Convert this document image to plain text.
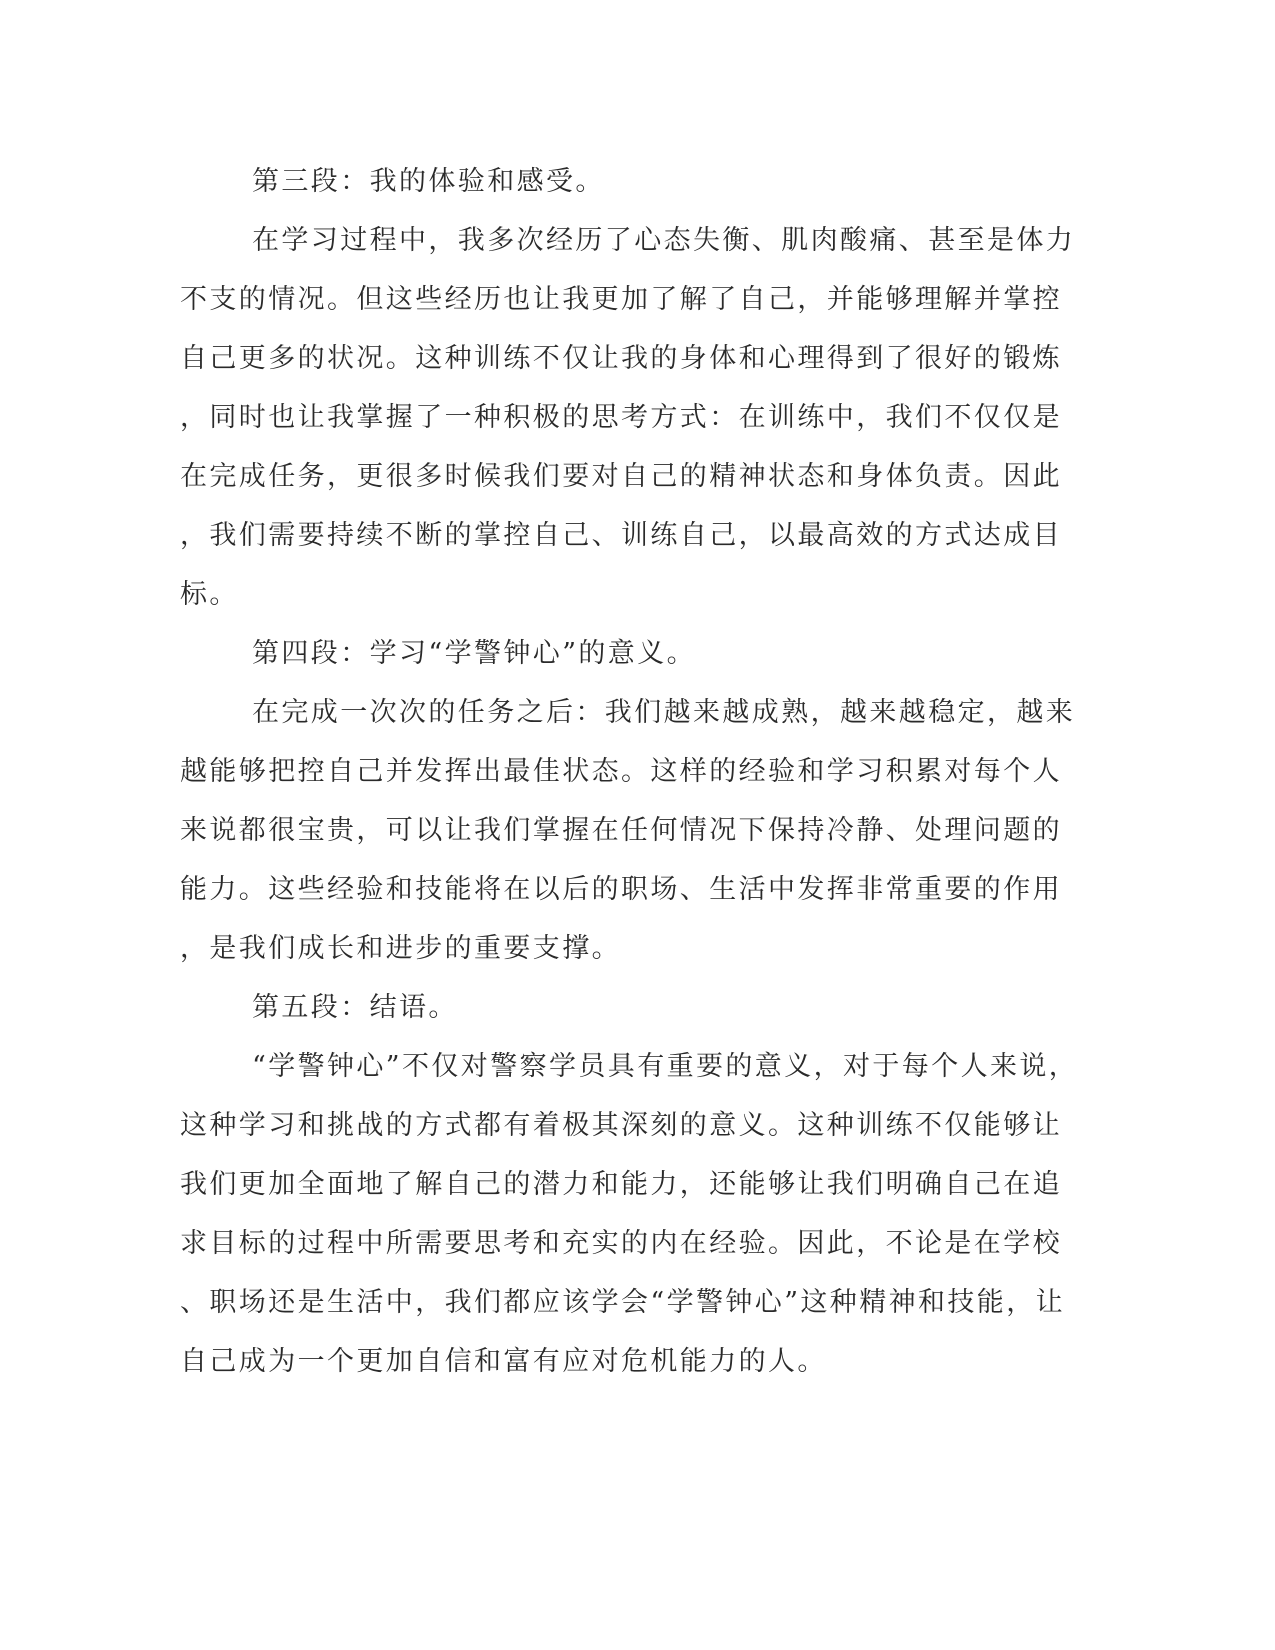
第三段：我的体验和感受。
在学习过程中，我多次经历了心态失衡、肌肉酸痛、甚至是体力
不支的情况。但这些经历也让我更加了解了自己，并能够理解并掌控
自己更多的状况。这种训练不仅让我的身体和心理得到了很好的锻炼
，同时也让我掌握了一种积极的思考方式：在训练中，我们不仅仅是
在完成任务，更很多时候我们要对自己的精神状态和身体负责。因此
，我们需要持续不断的掌控自己、训练自己，以最高效的方式达成目
标。
第四段：学习“学警钟心”的意义。
在完成一次次的任务之后：我们越来越成熟，越来越稳定，越来
越能够把控自己并发挥出最佳状态。这样的经验和学习积累对每个人
来说都很宝贵，可以让我们掌握在任何情况下保持冷静、处理问题的
能力。这些经验和技能将在以后的职场、生活中发挥非常重要的作用
，是我们成长和进步的重要支撑。
第五段：结语。
“学警钟心”不仅对警察学员具有重要的意义，对于每个人来说，
这种学习和挑战的方式都有着极其深刻的意义。这种训练不仅能够让
我们更加全面地了解自己的潜力和能力，还能够让我们明确自己在追
求目标的过程中所需要思考和充实的内在经验。因此，不论是在学校
、职场还是生活中，我们都应该学会“学警钟心”这种精神和技能，让
自己成为一个更加自信和富有应对危机能力的人。
